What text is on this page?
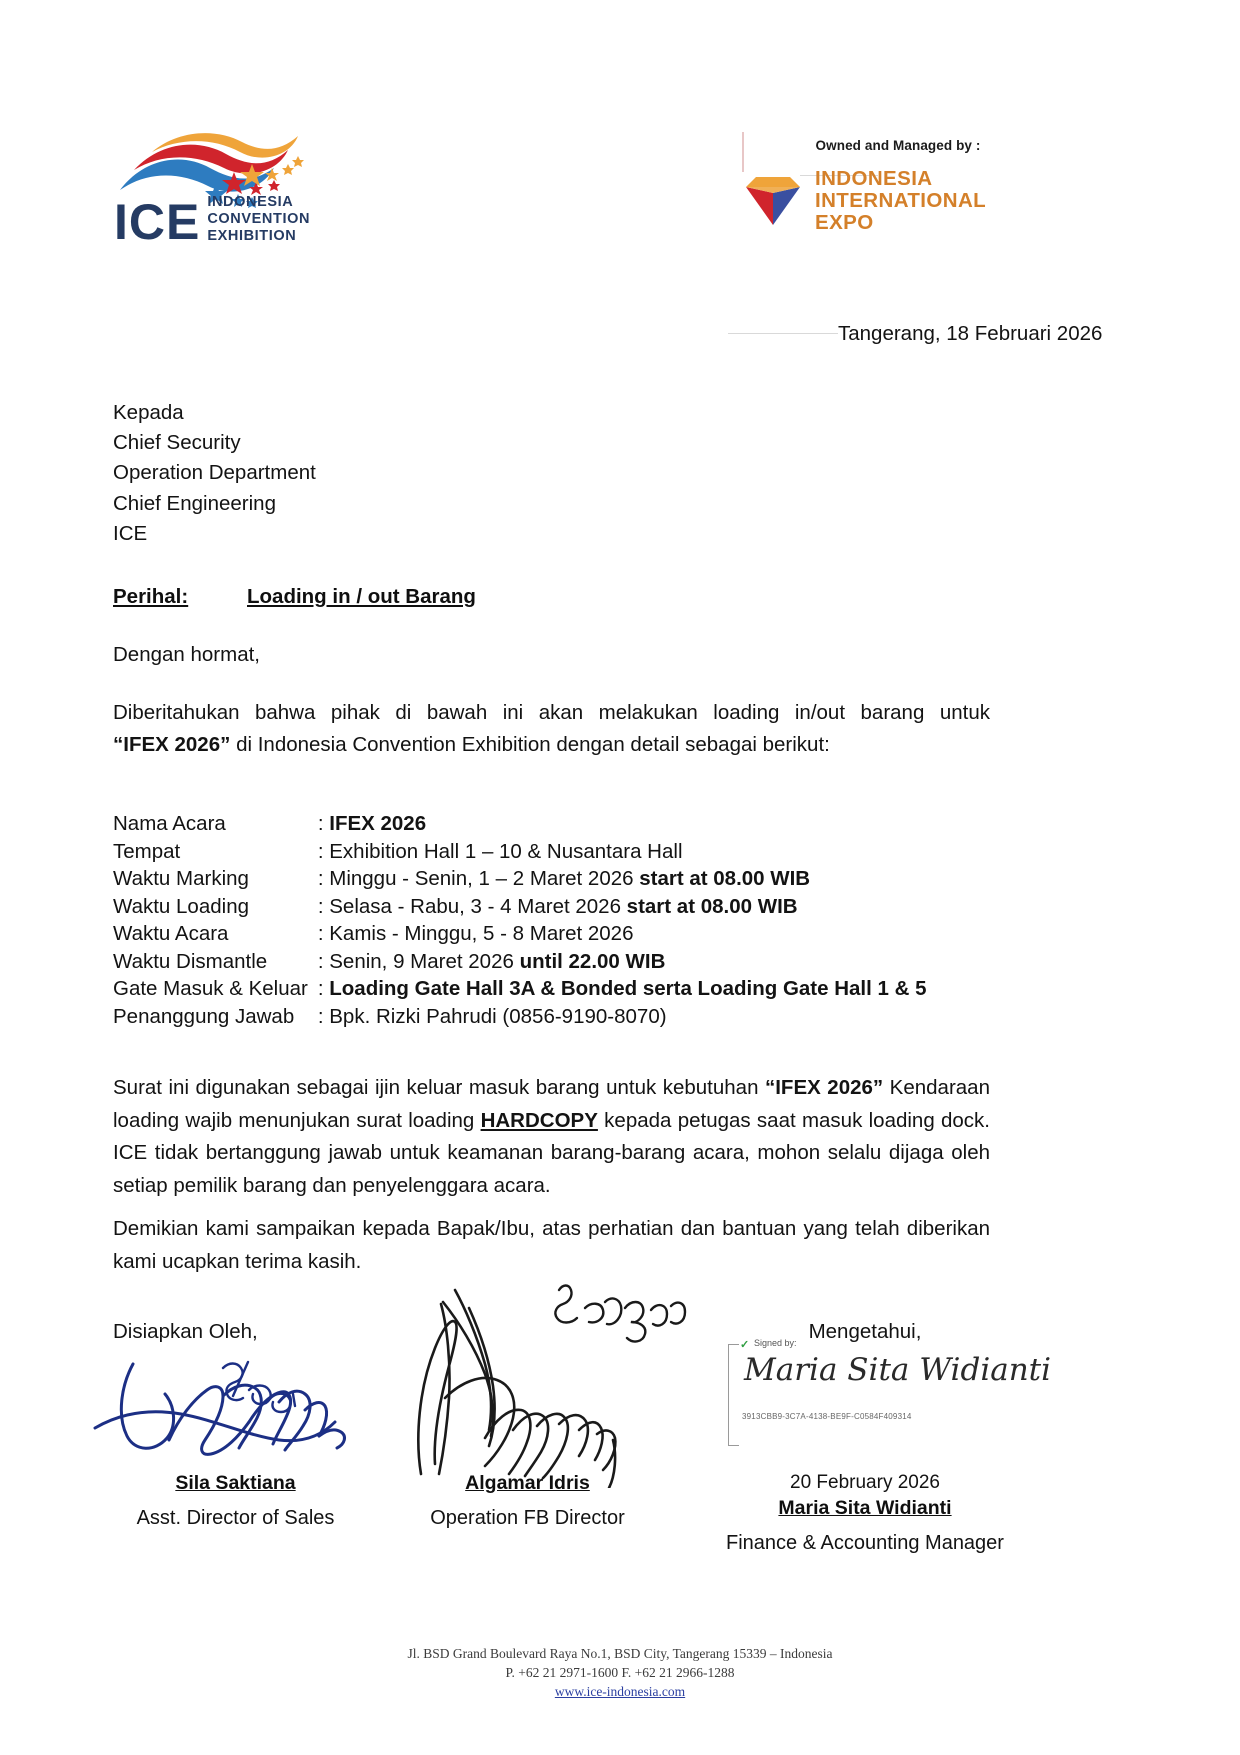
ICE INDONESIA
CONVENTION
EXHIBITION
Owned and Managed by :
INDONESIA
INTERNATIONAL
EXPO
Tangerang, 18 Februari 2026
Kepada
Chief Security
Operation Department
Chief Engineering
ICE
Perihal:	Loading in / out Barang
Dengan hormat,
Diberitahukan bahwa pihak di bawah ini akan melakukan loading in/out barang untuk
“IFEX 2026” di Indonesia Convention Exhibition dengan detail sebagai berikut:
Nama Acara	: IFEX 2026
Tempat	: Exhibition Hall 1 – 10 & Nusantara Hall
Waktu Marking	: Minggu - Senin, 1 – 2 Maret 2026 start at 08.00 WIB
Waktu Loading	: Selasa - Rabu, 3 - 4 Maret 2026 start at 08.00 WIB
Waktu Acara	: Kamis - Minggu, 5 - 8 Maret 2026
Waktu Dismantle	: Senin, 9 Maret 2026 until 22.00 WIB
Gate Masuk & Keluar	: Loading Gate Hall 3A & Bonded serta Loading Gate Hall 1 & 5
Penanggung Jawab	: Bpk. Rizki Pahrudi (0856-9190-8070)
Surat ini digunakan sebagai ijin keluar masuk barang untuk kebutuhan “IFEX 2026” Kendaraan loading wajib menunjukan surat loading HARDCOPY kepada petugas saat masuk loading dock. ICE tidak bertanggung jawab untuk keamanan barang-barang acara, mohon selalu dijaga oleh setiap pemilik barang dan penyelenggara acara.
Demikian kami sampaikan kepada Bapak/Ibu, atas perhatian dan bantuan yang telah diberikan kami ucapkan terima kasih.
Disiapkan Oleh,
Sila Saktiana
Asst. Director of Sales
Algamar Idris
Operation FB Director
Mengetahui,
✓ Signed by:
Maria Sita Widianti
3913CBB9-3C7A-4138-BE9F-C0584F409314
20 February 2026
Maria Sita Widianti
Finance & Accounting Manager
Jl. BSD Grand Boulevard Raya No.1, BSD City, Tangerang 15339 – Indonesia
P. +62 21 2971-1600 F. +62 21 2966-1288
www.ice-indonesia.com
